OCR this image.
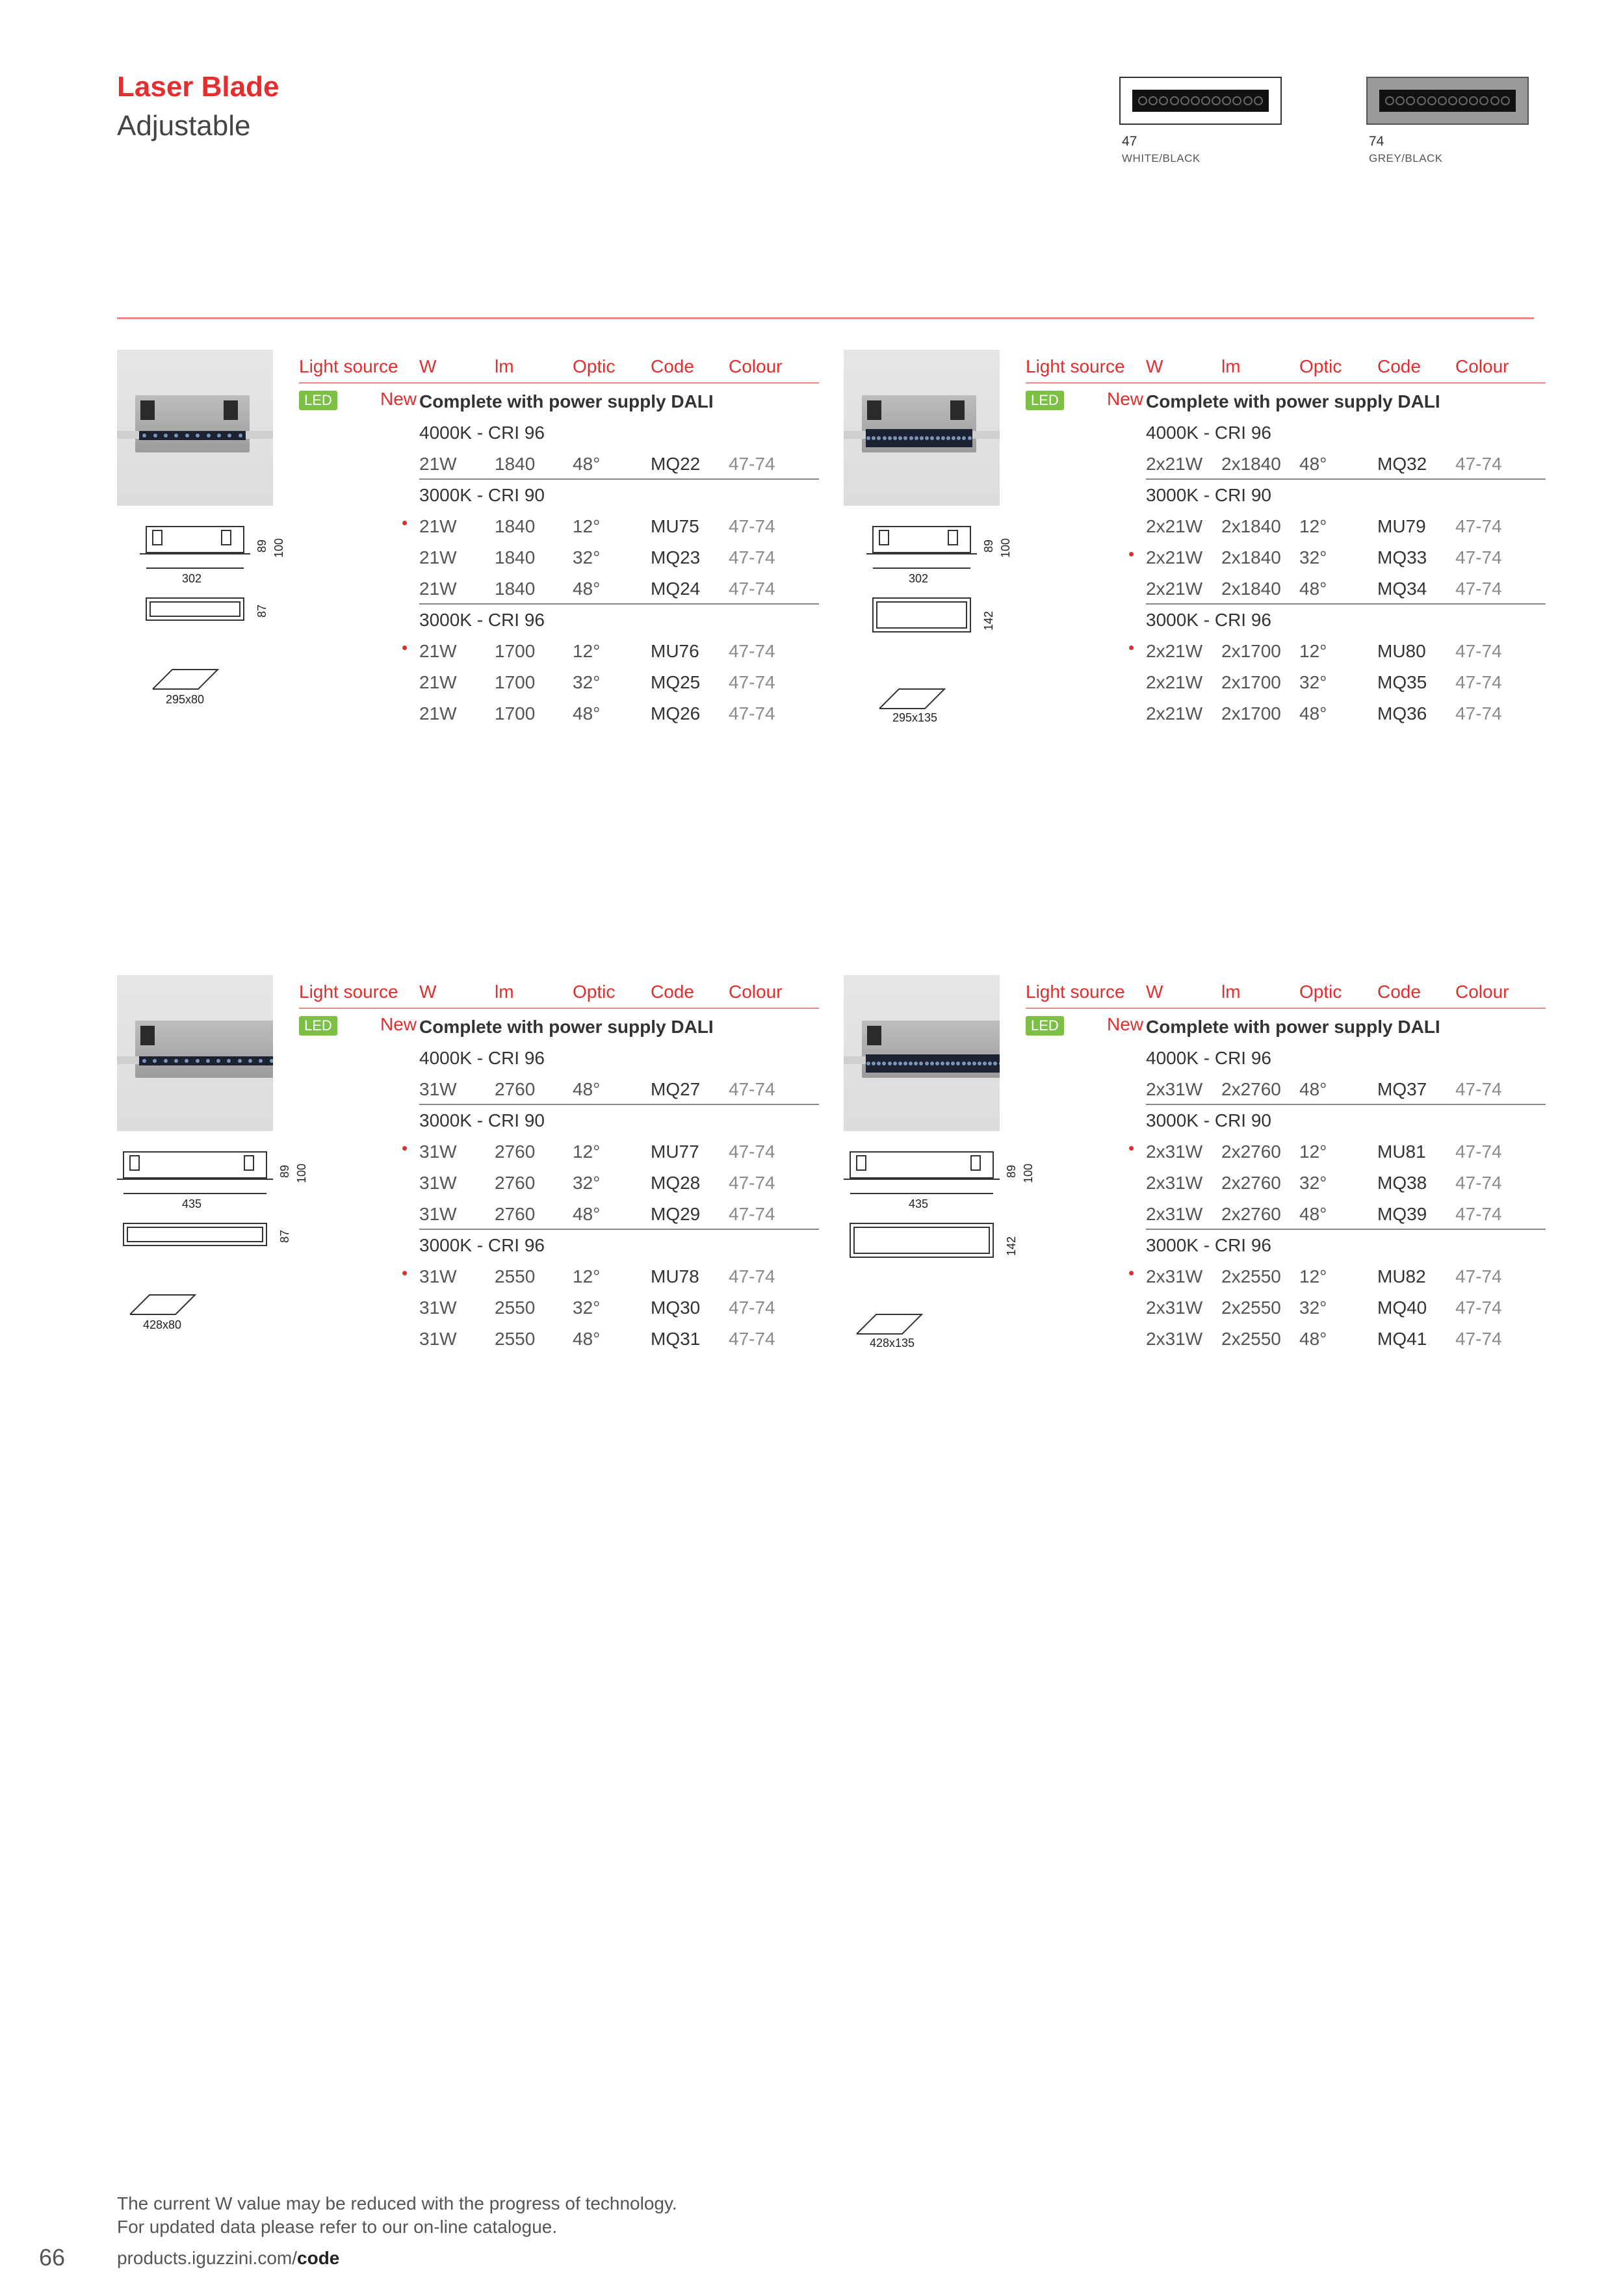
Laser Blade
Adjustable	47
WHITE/BLACK
74
GREY/BLACK
302
89 100
87
295x80
Light source W	lm	Optic Code Colour
LED	New Complete with power supply DALI
4000K - CRI 96
21W 1840 48°	MQ22 47-74
3000K - CRI 90
21W 1840 12°	MU75 47-74
•
21W 1840 32°	MQ23 47-74
21W 1840 48°	MQ24 47-74
3000K - CRI 96
21W 1700 12°	MU76 47-74
•
21W 1700 32°	MQ25 47-74
21W 1700 48°	MQ26 47-74
302
89 100
142
295x135
Light source W	lm	Optic Code Colour
LED	New Complete with power supply DALI
4000K - CRI 96
2x21W 2x1840 48°	MQ32 47-74
3000K - CRI 90
2x21W 2x1840 12°	MU79 47-74
2x21W 2x1840 32°	MQ33 47-74
•
2x21W 2x1840 48°	MQ34 47-74
3000K - CRI 96
2x21W 2x1700 12°	MU80 47-74
•
2x21W 2x1700 32°	MQ35 47-74
2x21W 2x1700 48°	MQ36 47-74
435
89 100
87
428x80
Light source W	lm	Optic Code Colour
LED	New Complete with power supply DALI
4000K - CRI 96
31W 2760 48°	MQ27 47-74
3000K - CRI 90
31W 2760 12°	MU77 47-74
•
31W 2760 32°	MQ28 47-74
31W 2760 48°	MQ29 47-74
3000K - CRI 96
31W 2550 12°	MU78 47-74
•
31W 2550 32°	MQ30 47-74
31W 2550 48°	MQ31 47-74
435
89 100
142
428x135
Light source W	lm	Optic Code Colour
LED	New Complete with power supply DALI
4000K - CRI 96
2x31W 2x2760 48°	MQ37 47-74
3000K - CRI 90
2x31W 2x2760 12°	MU81 47-74
•
2x31W 2x2760 32°	MQ38 47-74
2x31W 2x2760 48°	MQ39 47-74
3000K - CRI 96
2x31W 2x2550 12°	MU82 47-74
•
2x31W 2x2550 32°	MQ40 47-74
2x31W 2x2550 48°	MQ41 47-74
The current W value may be reduced with the progress of technology.
For updated data please refer to our on-line catalogue.
66	products.iguzzini.com/code
